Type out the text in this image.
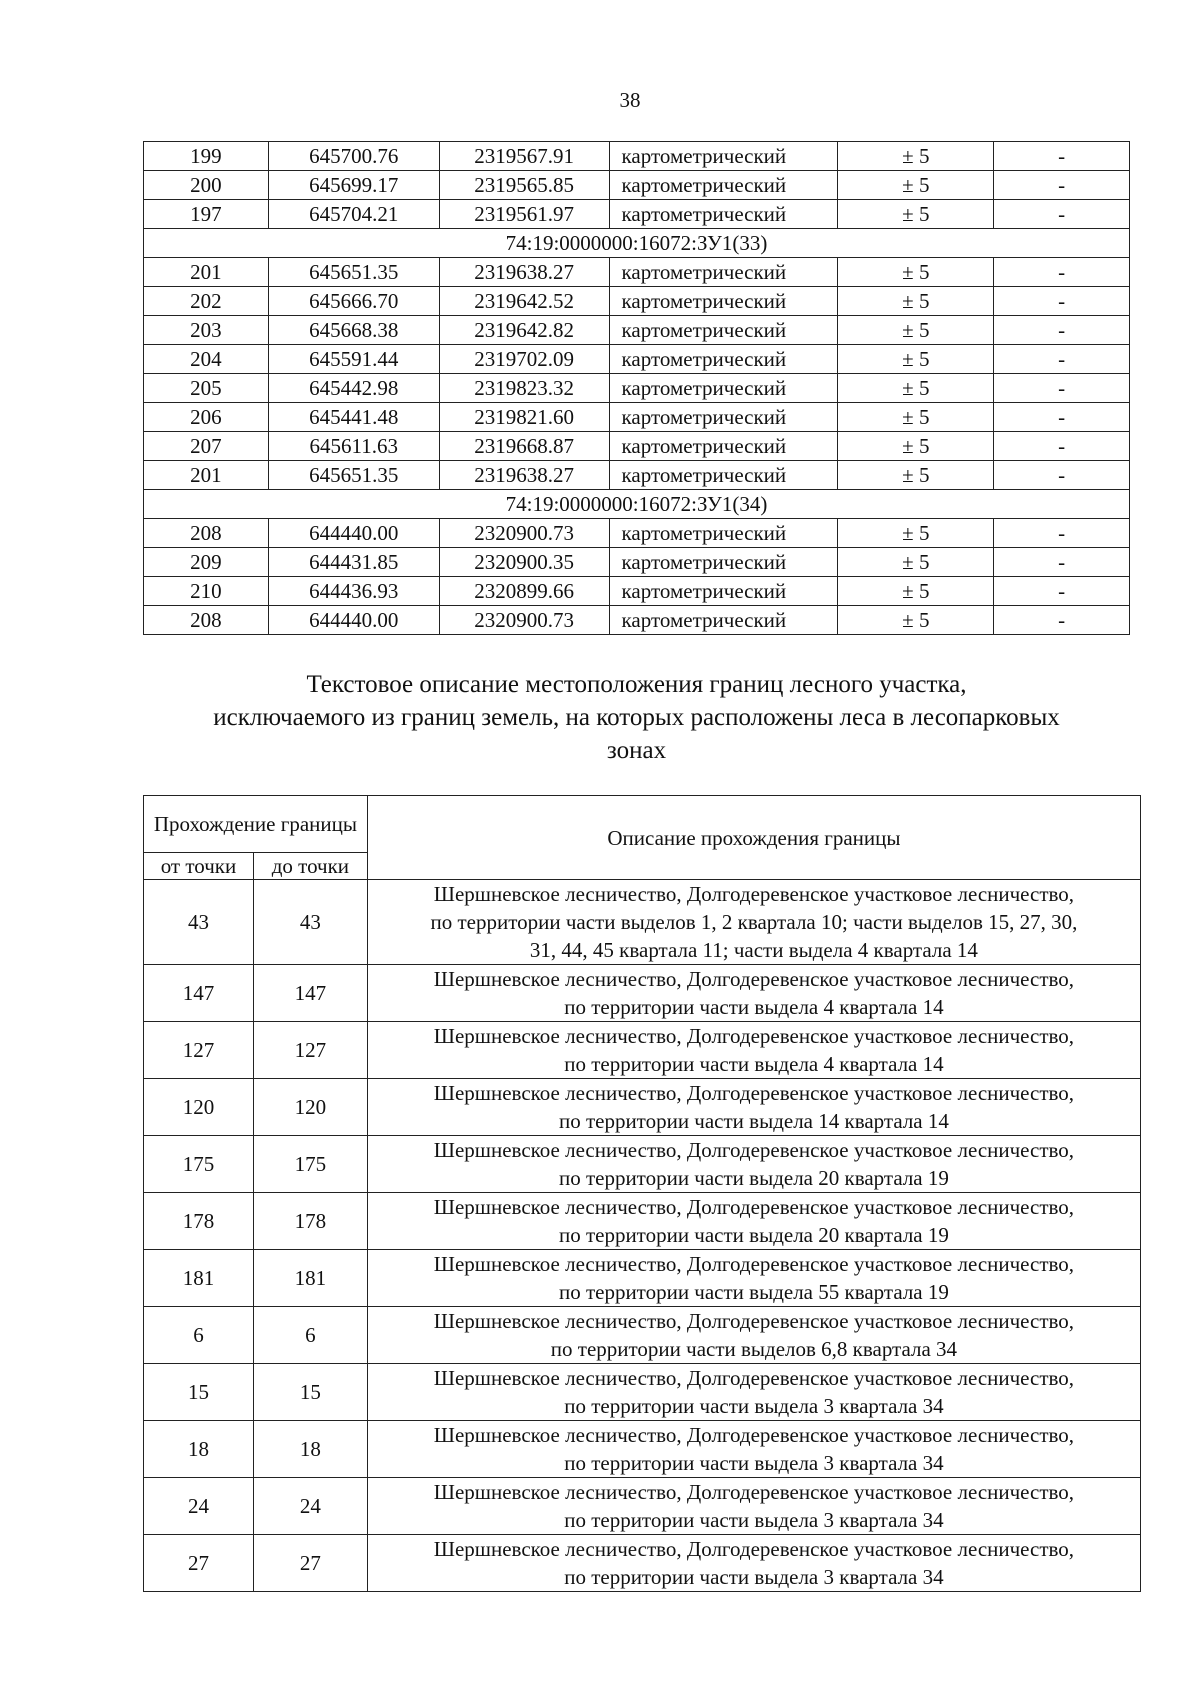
38
199	645700.76	2319567.91	картометрический	± 5	-
200	645699.17	2319565.85	картометрический	± 5	-
197	645704.21	2319561.97	картометрический	± 5	-
74:19:0000000:16072:ЗУ1(33)					
201	645651.35	2319638.27	картометрический	± 5	-
202	645666.70	2319642.52	картометрический	± 5	-
203	645668.38	2319642.82	картометрический	± 5	-
204	645591.44	2319702.09	картометрический	± 5	-
205	645442.98	2319823.32	картометрический	± 5	-
206	645441.48	2319821.60	картометрический	± 5	-
207	645611.63	2319668.87	картометрический	± 5	-
201	645651.35	2319638.27	картометрический	± 5	-
74:19:0000000:16072:ЗУ1(34)					
208	644440.00	2320900.73	картометрический	± 5	-
209	644431.85	2320900.35	картометрический	± 5	-
210	644436.93	2320899.66	картометрический	± 5	-
208	644440.00	2320900.73	картометрический	± 5	-
Текстовое описание местоположения границ лесного участка,
исключаемого из границ земель, на которых расположены леса в лесопарковых
зонах
Прохождение границы		Описание прохождения границы
от точки	до точки	
43	43	Шершневское лесничество, Долгодеревенское участковое лесничество,
по территории части выделов 1, 2 квартала 10; части выделов 15, 27, 30,
31, 44, 45 квартала 11; части выдела 4 квартала 14

147	147	Шершневское лесничество, Долгодеревенское участковое лесничество,
по территории части выдела 4 квартала 14

127	127	Шершневское лесничество, Долгодеревенское участковое лесничество,
по территории части выдела 4 квартала 14

120	120	Шершневское лесничество, Долгодеревенское участковое лесничество,
по территории части выдела 14 квартала 14

175	175	Шершневское лесничество, Долгодеревенское участковое лесничество,
по территории части выдела 20 квартала 19

178	178	Шершневское лесничество, Долгодеревенское участковое лесничество,
по территории части выдела 20 квартала 19

181	181	Шершневское лесничество, Долгодеревенское участковое лесничество,
по территории части выдела 55 квартала 19

6	6	Шершневское лесничество, Долгодеревенское участковое лесничество,
по территории части выделов 6,8 квартала 34

15	15	Шершневское лесничество, Долгодеревенское участковое лесничество,
по территории части выдела 3 квартала 34

18	18	Шершневское лесничество, Долгодеревенское участковое лесничество,
по территории части выдела 3 квартала 34

24	24	Шершневское лесничество, Долгодеревенское участковое лесничество,
по территории части выдела 3 квартала 34

27	27	Шершневское лесничество, Долгодеревенское участковое лесничество,
по территории части выдела 3 квартала 34
